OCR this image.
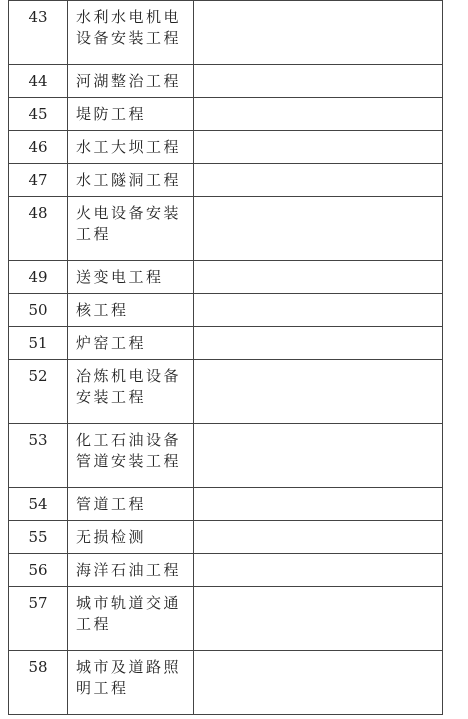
43	水利水电机电设备安装工程	
44	河湖整治工程	
45	堤防工程	
46	水工大坝工程	
47	水工隧洞工程	
48	火电设备安装工程	
49	送变电工程	
50	核工程	
51	炉窑工程	
52	冶炼机电设备安装工程	
53	化工石油设备管道安装工程	
54	管道工程	
55	无损检测	
56	海洋石油工程	
57	城市轨道交通工程	
58	城市及道路照明工程	
